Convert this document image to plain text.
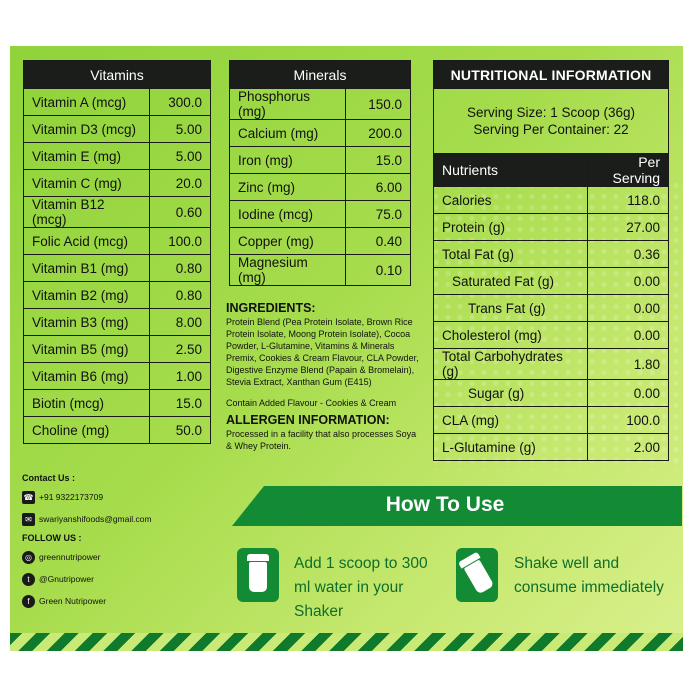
Vitamins	
Vitamin A (mcg)	300.0
Vitamin D3 (mcg)	5.00
Vitamin E (mg)	5.00
Vitamin C (mg)	20.0
Vitamin B12 (mcg)	0.60
Folic Acid (mcg)	100.0
Vitamin B1 (mg)	0.80
Vitamin B2 (mg)	0.80
Vitamin B3 (mg)	8.00
Vitamin B5 (mg)	2.50
Vitamin B6 (mg)	1.00
Biotin (mcg)	15.0
Choline (mg)	50.0
Minerals	
Phosphorus (mg)	150.0
Calcium (mg)	200.0
Iron (mg)	15.0
Zinc (mg)	6.00
Iodine (mcg)	75.0
Copper (mg)	0.40
Magnesium (mg)	0.10
NUTRITIONAL INFORMATION	

Serving Size: 1 Scoop (36g)
Serving Per Container: 22	

Nutrients	Per Serving
Calories	118.0
Protein (g)	27.00
Total Fat (g)	0.36
Saturated Fat (g)	0.00
Trans Fat (g)	0.00
Cholesterol (mg)	0.00
Total Carbohydrates (g)	1.80
Sugar (g)	0.00
CLA (mg)	100.0
L-Glutamine (g)	2.00
INGREDIENTS:

Protein Blend (Pea Protein Isolate, Brown Rice Protein Isolate, Moong Protein Isolate), Cocoa Powder, L-Glutamine, Vitamins & Minerals Premix, Cookies & Cream Flavour, CLA Powder, Digestive Enzyme Blend (Papain & Bromelain), Stevia Extract, Xanthan Gum (E415)

Contain Added Flavour - Cookies & Cream

ALLERGEN INFORMATION:

Processed in a facility that also processes Soya & Whey Protein.

Contact Us :
☎ +91 9322173709
✉ swariyanshifoods@gmail.com
FOLLOW US :
◎ greennutripower
t	@Gnutripower
f	Green Nutripower
How To Use
Add 1 scoop to 300 ml water in your Shaker
Shake well and consume immediately
